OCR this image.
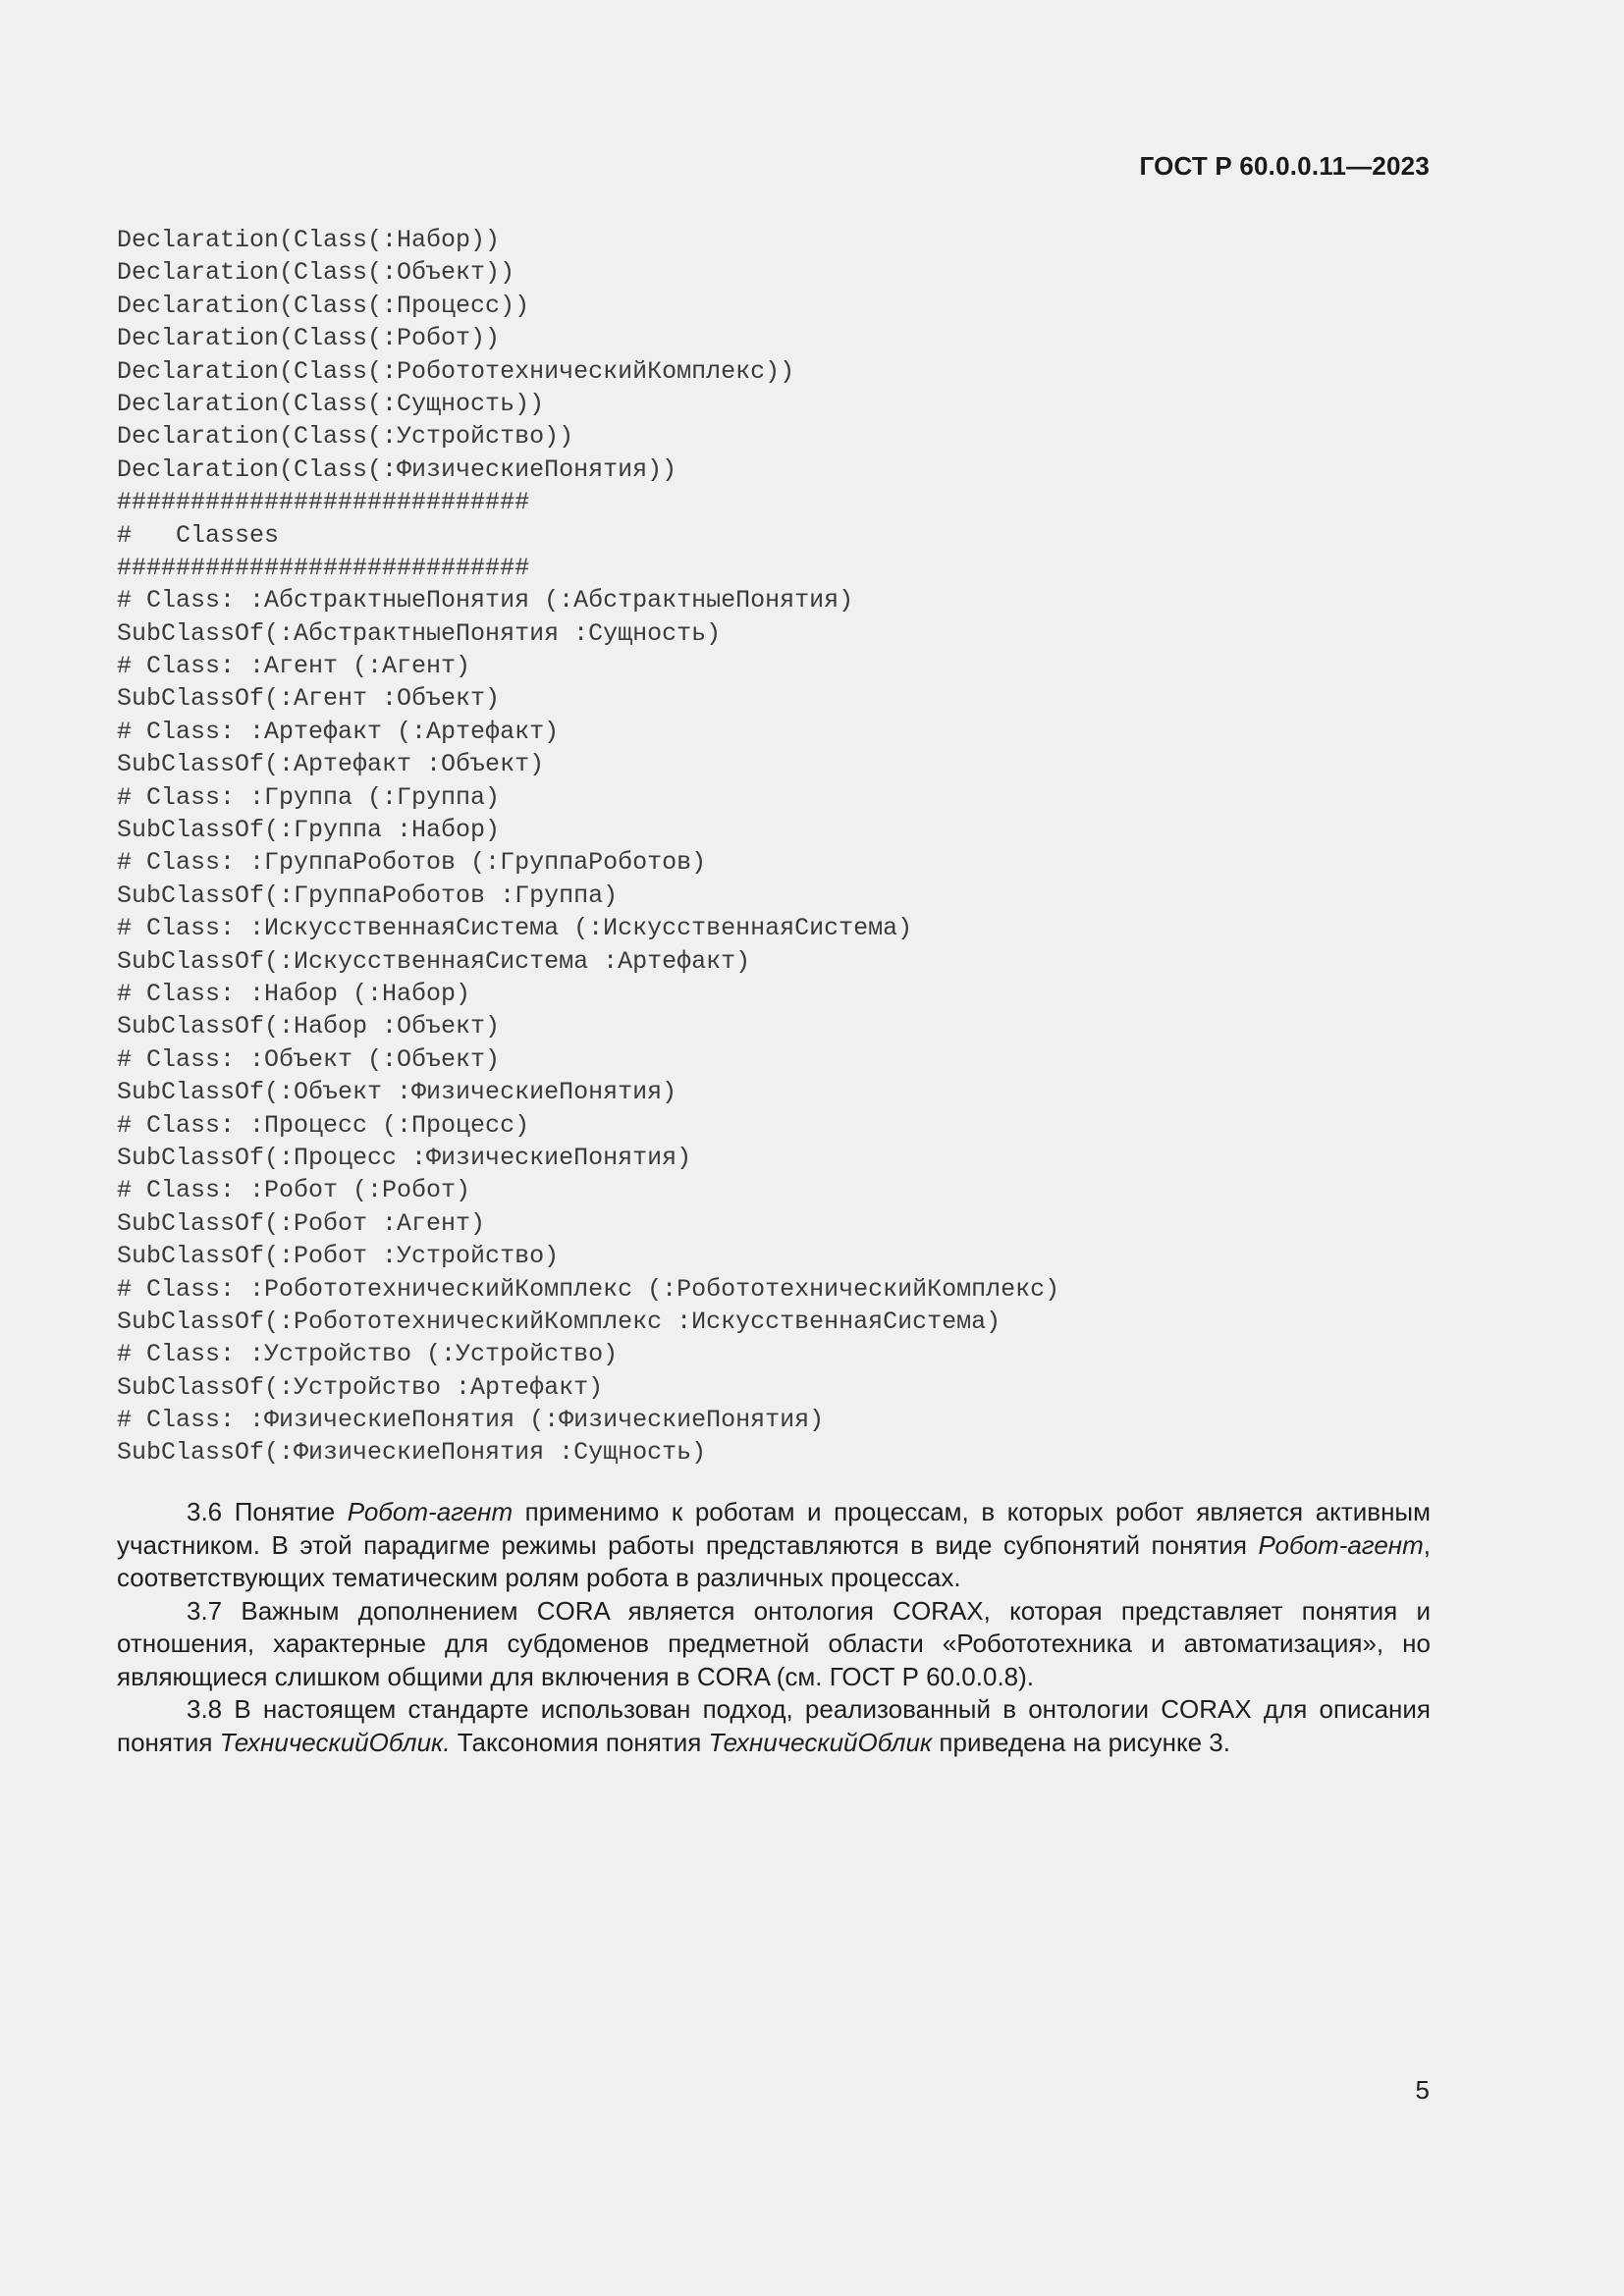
ГОСТ Р 60.0.0.11—2023
Declaration(Class(:Набор))
Declaration(Class(:Объект))
Declaration(Class(:Процесс))
Declaration(Class(:Робот))
Declaration(Class(:РобототехническийКомплекс))
Declaration(Class(:Сущность))
Declaration(Class(:Устройство))
Declaration(Class(:ФизическиеПонятия))
############################
#   Classes
############################
# Class: :АбстрактныеПонятия (:АбстрактныеПонятия)
SubClassOf(:АбстрактныеПонятия :Сущность)
# Class: :Агент (:Агент)
SubClassOf(:Агент :Объект)
# Class: :Артефакт (:Артефакт)
SubClassOf(:Артефакт :Объект)
# Class: :Группа (:Группа)
SubClassOf(:Группа :Набор)
# Class: :ГруппаРоботов (:ГруппаРоботов)
SubClassOf(:ГруппаРоботов :Группа)
# Class: :ИскусственнаяСистема (:ИскусственнаяСистема)
SubClassOf(:ИскусственнаяСистема :Артефакт)
# Class: :Набор (:Набор)
SubClassOf(:Набор :Объект)
# Class: :Объект (:Объект)
SubClassOf(:Объект :ФизическиеПонятия)
# Class: :Процесс (:Процесс)
SubClassOf(:Процесс :ФизическиеПонятия)
# Class: :Робот (:Робот)
SubClassOf(:Робот :Агент)
SubClassOf(:Робот :Устройство)
# Class: :РобототехническийКомплекс (:РобототехническийКомплекс)
SubClassOf(:РобототехническийКомплекс :ИскусственнаяСистема)
# Class: :Устройство (:Устройство)
SubClassOf(:Устройство :Артефакт)
# Class: :ФизическиеПонятия (:ФизическиеПонятия)
SubClassOf(:ФизическиеПонятия :Сущность)

3.6 Понятие Робот-агент применимо к роботам и процессам, в которых робот является активным участником. В этой парадигме режимы работы представляются в виде субпонятий понятия Робот-агент, соответствующих тематическим ролям робота в различных процессах.

3.7 Важным дополнением CORA является онтология CORAX, которая представляет понятия и отношения, характерные для субдоменов предметной области «Робототехника и автоматизация», но являющиеся слишком общими для включения в CORA (см. ГОСТ Р 60.0.0.8).

3.8 В настоящем стандарте использован подход, реализованный в онтологии CORAX для описания понятия ТехническийОблик. Таксономия понятия ТехническийОблик приведена на рисунке 3.

5
